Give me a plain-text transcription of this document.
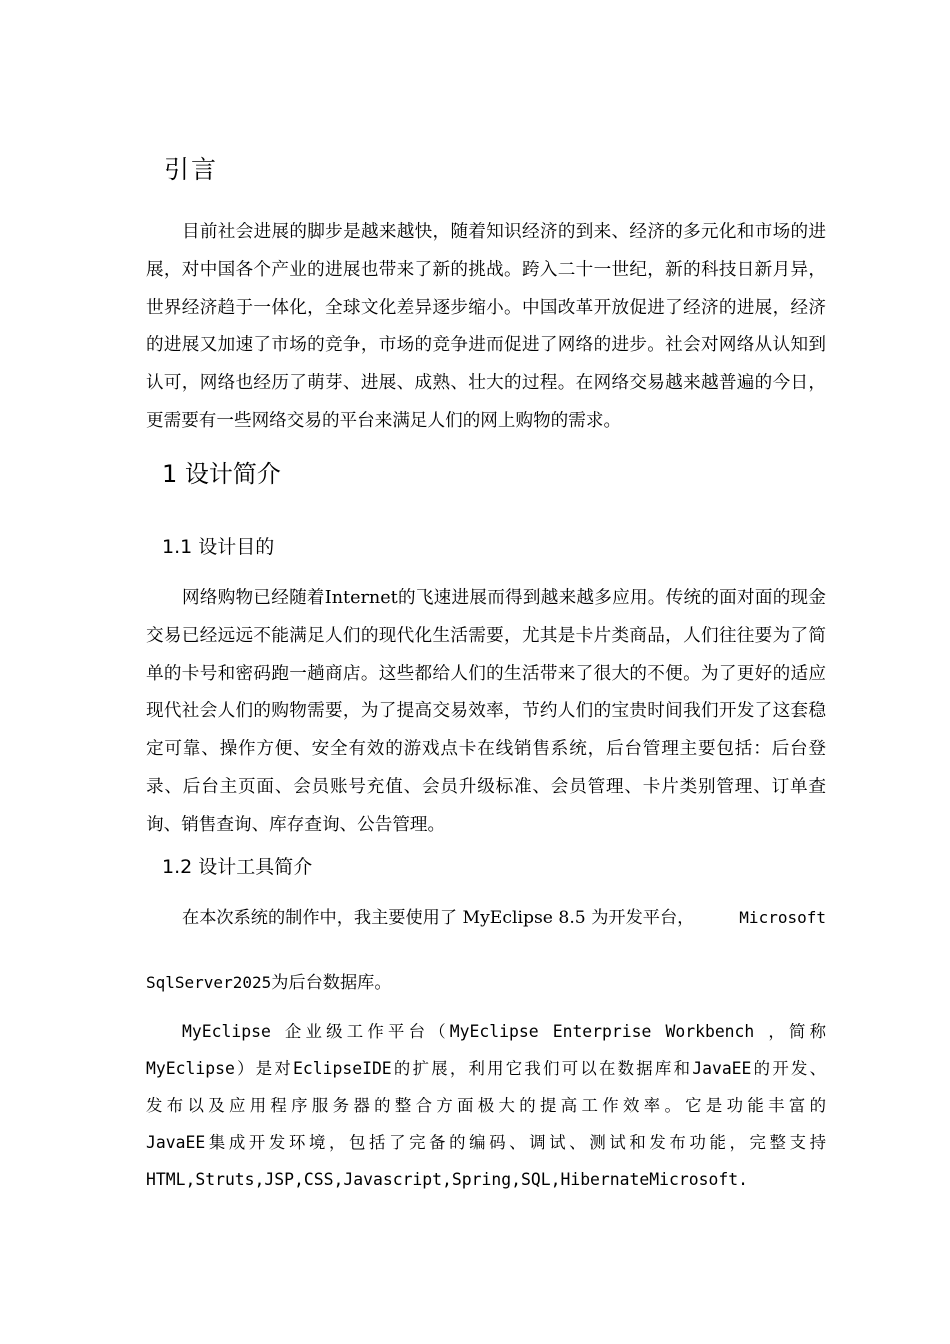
引言

目前社会进展的脚步是越来越快，随着知识经济的到来、经济的多元化和市场的进展，对中国各个产业的进展也带来了新的挑战。跨入二十一世纪，新的科技日新月异，世界经济趋于一体化，全球文化差异逐步缩小。中国改革开放促进了经济的进展，经济的进展又加速了市场的竞争，市场的竞争进而促进了网络的进步。社会对网络从认知到认可，网络也经历了萌芽、进展、成熟、壮大的过程。在网络交易越来越普遍的今日，更需要有一些网络交易的平台来满足人们的网上购物的需求。

1 设计简介
1.1 设计目的

网络购物已经随着Internet的飞速进展而得到越来越多应用。传统的面对面的现金交易已经远远不能满足人们的现代化生活需要，尤其是卡片类商品，人们往往要为了简单的卡号和密码跑一趟商店。这些都给人们的生活带来了很大的不便。为了更好的适应现代社会人们的购物需要，为了提高交易效率，节约人们的宝贵时间我们开发了这套稳定可靠、操作方便、安全有效的游戏点卡在线销售系统，后台管理主要包括：后台登录、后台主页面、会员账号充值、会员升级标准、会员管理、卡片类别管理、订单查询、销售查询、库存查询、公告管理。

1.2 设计工具简介

在本次系统的制作中，我主要使用了 MyEclipse 8.5 为开发平台，	Microsoft

SqlServer2025为后台数据库。

MyEclipse 企业级工作平台（MyEclipse Enterprise Workbench ，简称

MyEclipse）是对EclipseIDE的扩展，利用它我们可以在数据库和JavaEE的开发、

发布以及应用程序服务器的整合方面极大的提高工作效率。它是功能丰富的

JavaEE集成开发环境，包括了完备的编码、调试、测试和发布功能，完整支持

HTML,Struts,JSP,CSS,Javascript,Spring,SQL,HibernateMicrosoft.
